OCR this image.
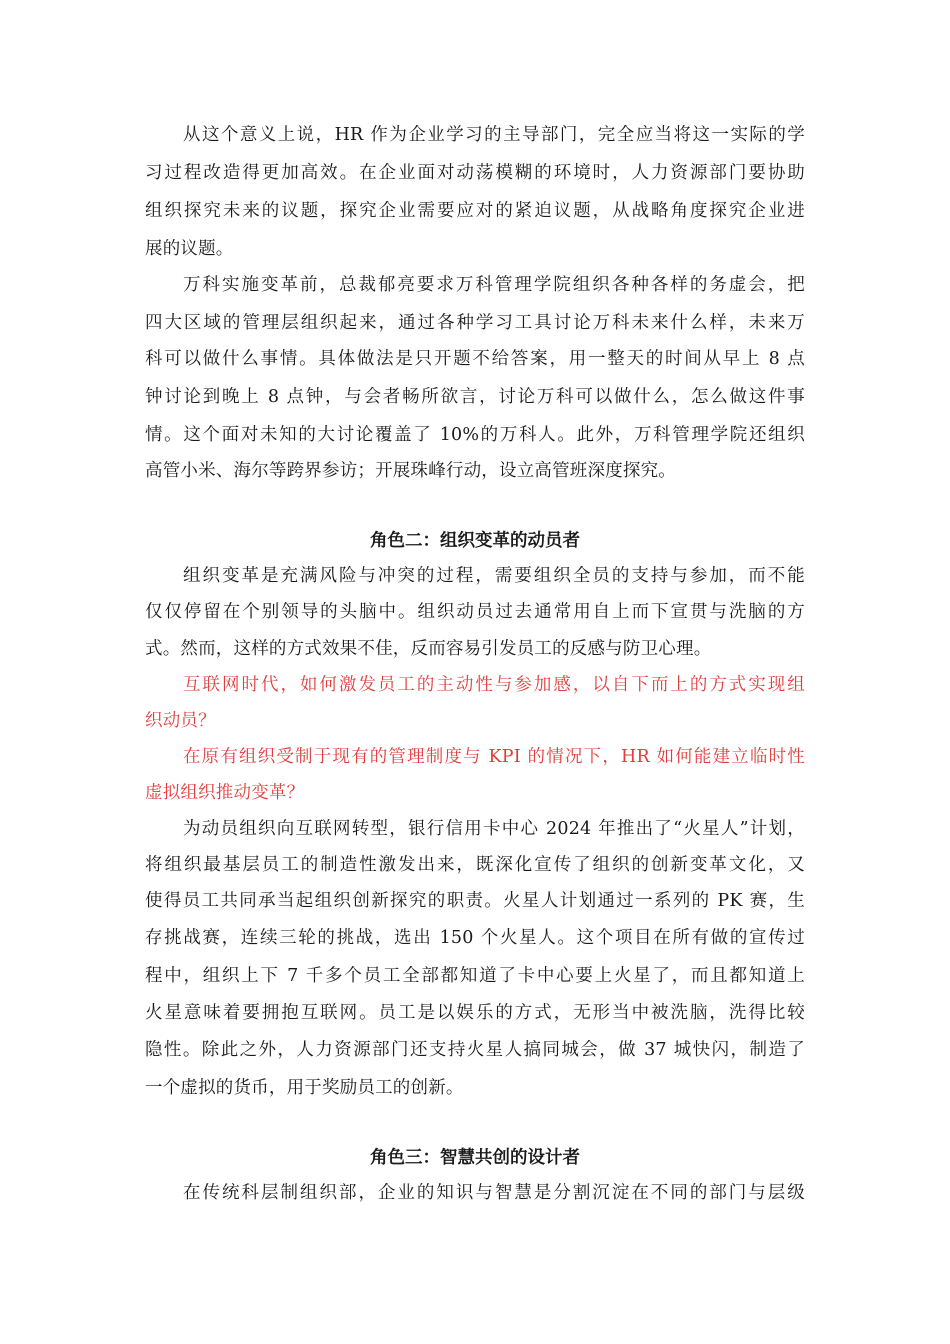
从这个意义上说，HR 作为企业学习的主导部门，完全应当将这一实际的学
习过程改造得更加高效。在企业面对动荡模糊的环境时，人力资源部门要协助
组织探究未来的议题，探究企业需要应对的紧迫议题，从战略角度探究企业进
展的议题。
万科实施变革前，总裁郁亮要求万科管理学院组织各种各样的务虚会，把
四大区域的管理层组织起来，通过各种学习工具讨论万科未来什么样，未来万
科可以做什么事情。具体做法是只开题不给答案，用一整天的时间从早上 8 点
钟讨论到晚上 8 点钟，与会者畅所欲言，讨论万科可以做什么，怎么做这件事
情。这个面对未知的大讨论覆盖了 10%的万科人。此外，万科管理学院还组织
高管小米、海尔等跨界参访；开展珠峰行动，设立高管班深度探究。
角色二：组织变革的动员者
组织变革是充满风险与冲突的过程，需要组织全员的支持与参加，而不能
仅仅停留在个别领导的头脑中。组织动员过去通常用自上而下宣贯与洗脑的方
式。然而，这样的方式效果不佳，反而容易引发员工的反感与防卫心理。
互联网时代，如何激发员工的主动性与参加感，以自下而上的方式实现组
织动员？
在原有组织受制于现有的管理制度与 KPI 的情况下，HR 如何能建立临时性
虚拟组织推动变革？
为动员组织向互联网转型，银行信用卡中心 2024 年推出了“火星人”计划，
将组织最基层员工的制造性激发出来，既深化宣传了组织的创新变革文化，又
使得员工共同承当起组织创新探究的职责。火星人计划通过一系列的 PK 赛，生
存挑战赛，连续三轮的挑战，选出 150 个火星人。这个项目在所有做的宣传过
程中，组织上下 7 千多个员工全部都知道了卡中心要上火星了，而且都知道上
火星意味着要拥抱互联网。员工是以娱乐的方式，无形当中被洗脑，洗得比较
隐性。除此之外，人力资源部门还支持火星人搞同城会，做 37 城快闪，制造了
一个虚拟的货币，用于奖励员工的创新。
角色三：智慧共创的设计者
在传统科层制组织部，企业的知识与智慧是分割沉淀在不同的部门与层级
